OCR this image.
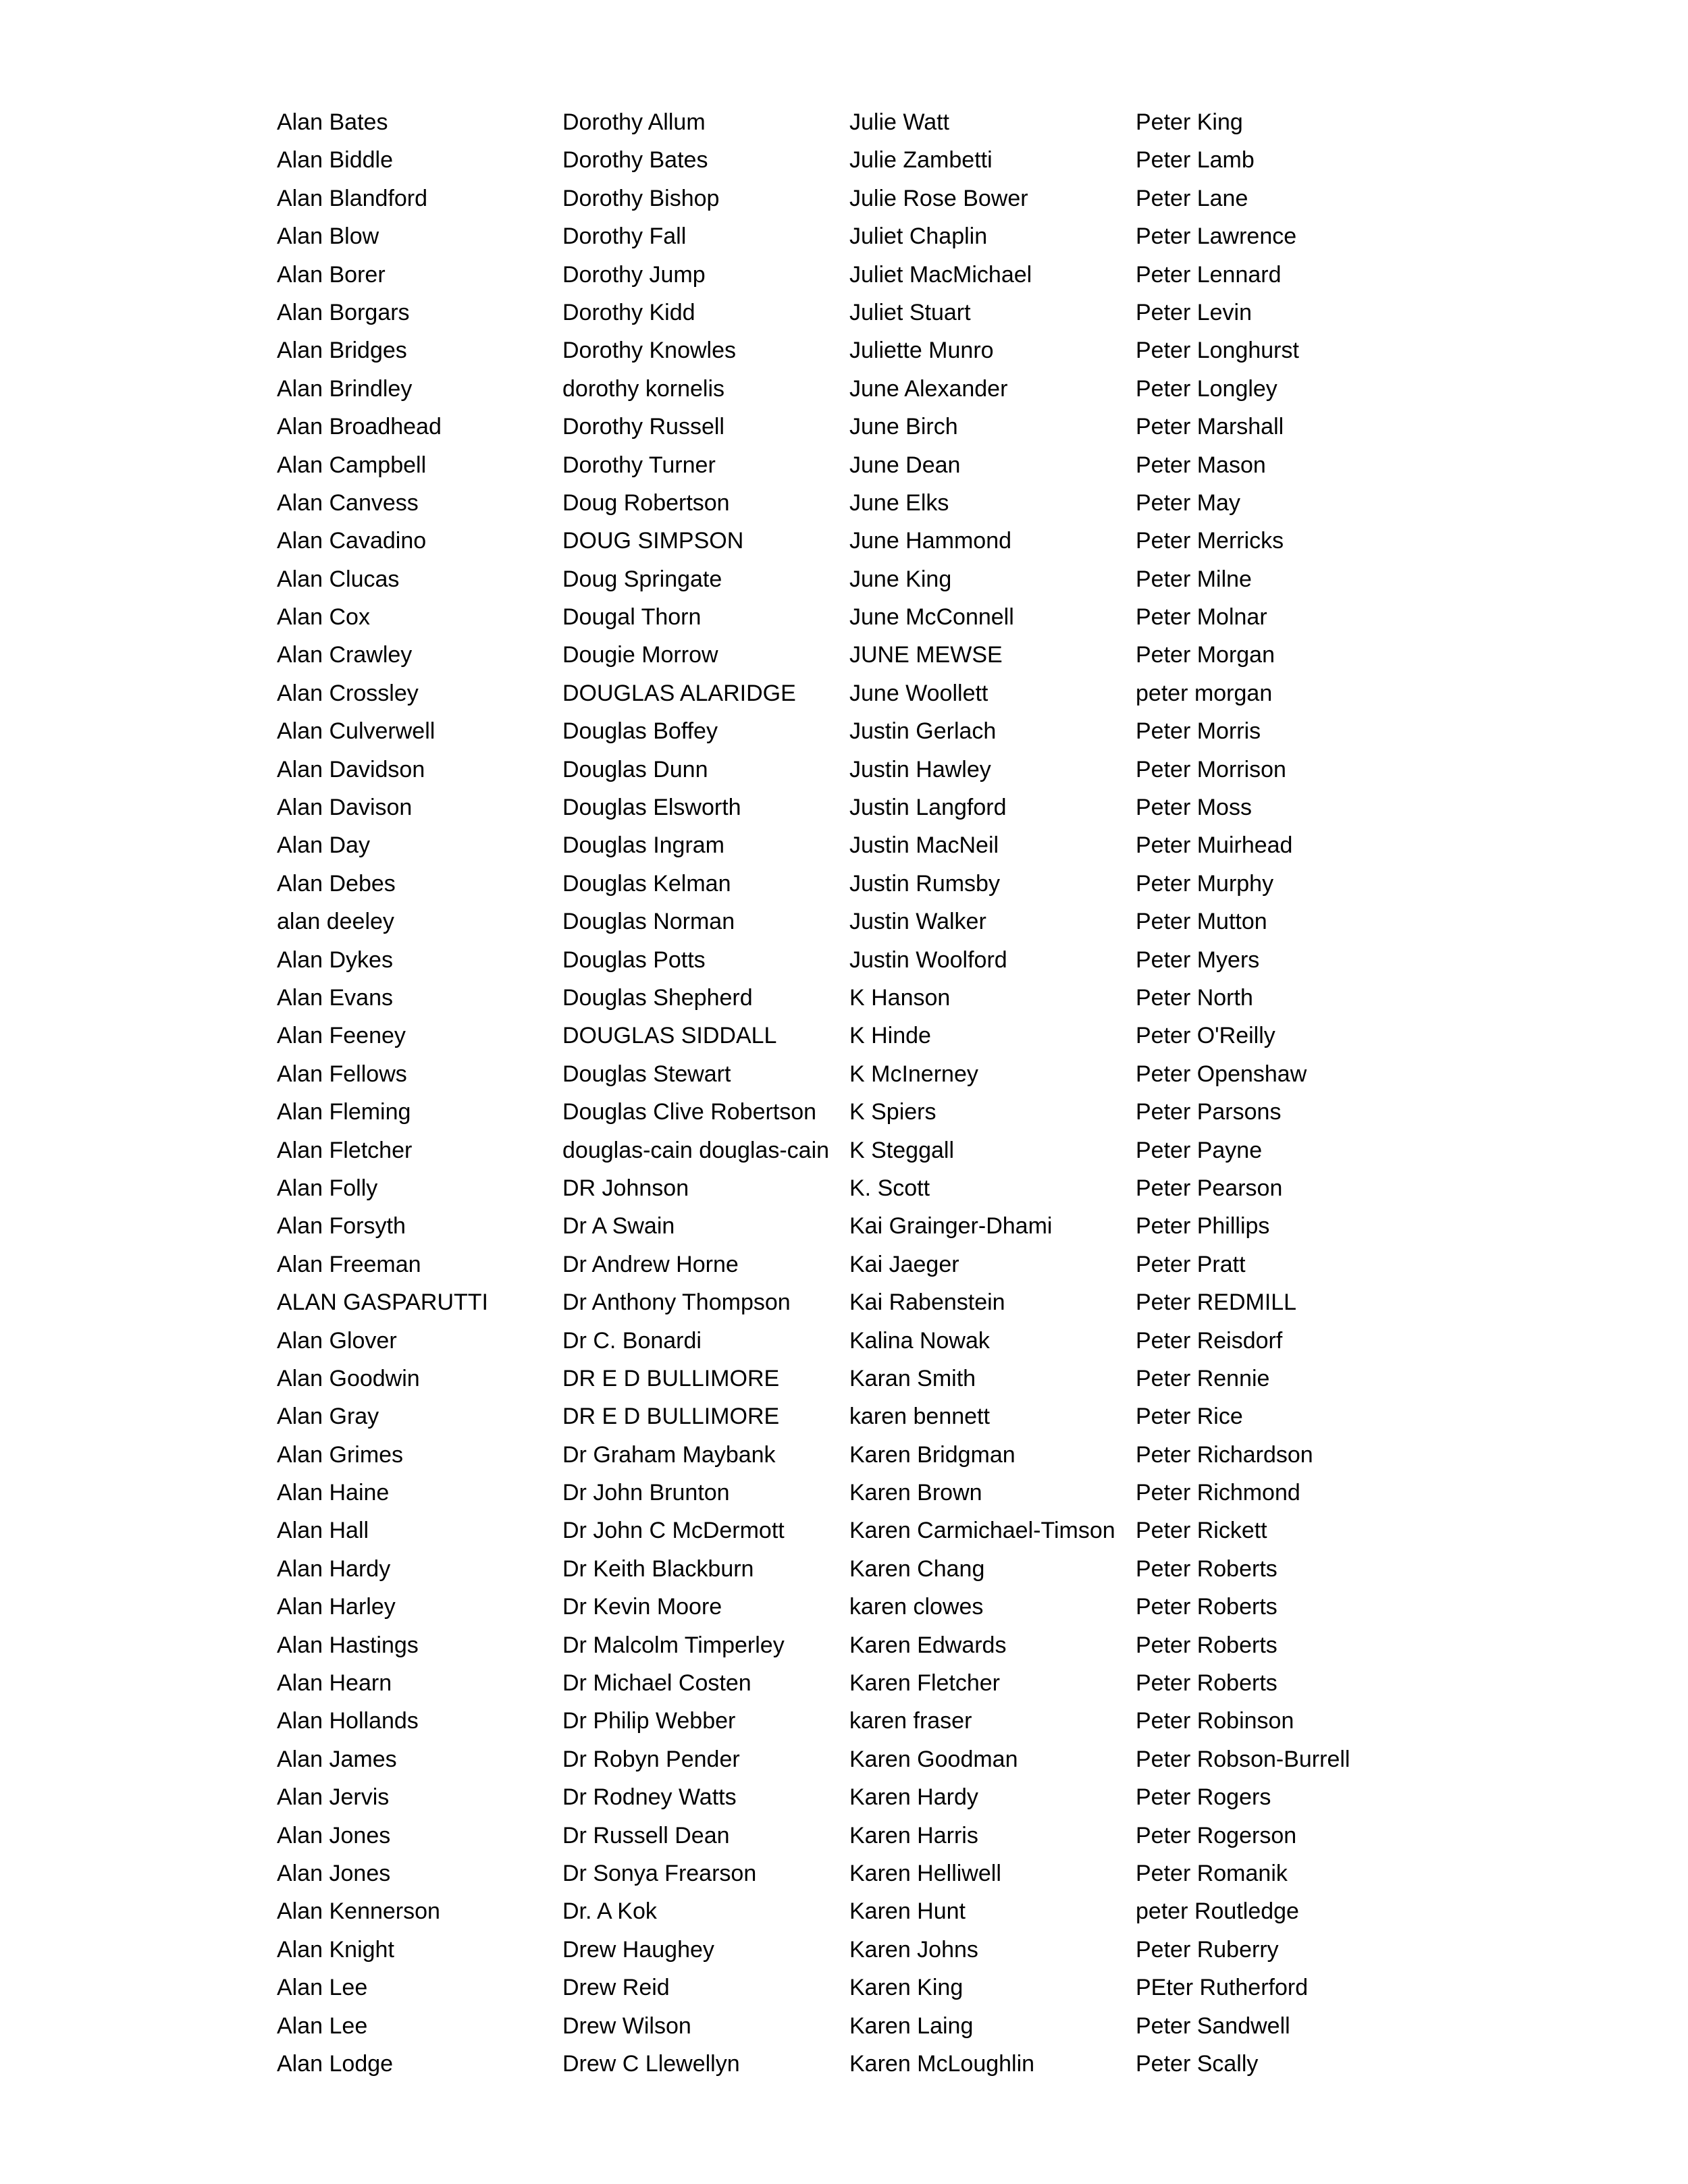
Alan Bates
Alan Biddle
Alan Blandford
Alan Blow
Alan Borer
Alan Borgars
Alan Bridges
Alan Brindley
Alan Broadhead
Alan Campbell
Alan Canvess
Alan Cavadino
Alan Clucas
Alan Cox
Alan Crawley
Alan Crossley
Alan Culverwell
Alan Davidson
Alan Davison
Alan Day
Alan Debes
alan deeley
Alan Dykes
Alan Evans
Alan Feeney
Alan Fellows
Alan Fleming
Alan Fletcher
Alan Folly
Alan Forsyth
Alan Freeman
ALAN GASPARUTTI
Alan Glover
Alan Goodwin
Alan Gray
Alan Grimes
Alan Haine
Alan Hall
Alan Hardy
Alan Harley
Alan Hastings
Alan Hearn
Alan Hollands
Alan James
Alan Jervis
Alan Jones
Alan Jones
Alan Kennerson
Alan Knight
Alan Lee
Alan Lee
Alan Lodge
Dorothy Allum
Dorothy Bates
Dorothy Bishop
Dorothy Fall
Dorothy Jump
Dorothy Kidd
Dorothy Knowles
dorothy kornelis
Dorothy Russell
Dorothy Turner
Doug Robertson
DOUG SIMPSON
Doug Springate
Dougal Thorn
Dougie Morrow
DOUGLAS ALARIDGE
Douglas Boffey
Douglas Dunn
Douglas Elsworth
Douglas Ingram
Douglas Kelman
Douglas Norman
Douglas Potts
Douglas Shepherd
DOUGLAS SIDDALL
Douglas Stewart
Douglas Clive Robertson
douglas-cain douglas-cain
DR Johnson
Dr A Swain
Dr Andrew Horne
Dr Anthony Thompson
Dr C. Bonardi
DR E D BULLIMORE
DR E D BULLIMORE
Dr Graham Maybank
Dr John Brunton
Dr John C McDermott
Dr Keith Blackburn
Dr Kevin Moore
Dr Malcolm Timperley
Dr Michael Costen
Dr Philip Webber
Dr Robyn Pender
Dr Rodney Watts
Dr Russell Dean
Dr Sonya Frearson
Dr. A Kok
Drew Haughey
Drew Reid
Drew Wilson
Drew C Llewellyn
Julie Watt
Julie Zambetti
Julie Rose Bower
Juliet Chaplin
Juliet MacMichael
Juliet Stuart
Juliette Munro
June Alexander
June Birch
June Dean
June Elks
June Hammond
June King
June McConnell
JUNE MEWSE
June Woollett
Justin Gerlach
Justin Hawley
Justin Langford
Justin MacNeil
Justin Rumsby
Justin Walker
Justin Woolford
K Hanson
K Hinde
K McInerney
K Spiers
K Steggall
K. Scott
Kai Grainger-Dhami
Kai Jaeger
Kai Rabenstein
Kalina Nowak
Karan Smith
karen bennett
Karen Bridgman
Karen Brown
Karen Carmichael-Timson
Karen Chang
karen clowes
Karen Edwards
Karen Fletcher
karen fraser
Karen Goodman
Karen Hardy
Karen Harris
Karen Helliwell
Karen Hunt
Karen Johns
Karen King
Karen Laing
Karen McLoughlin
Peter King
Peter Lamb
Peter Lane
Peter Lawrence
Peter Lennard
Peter Levin
Peter Longhurst
Peter Longley
Peter Marshall
Peter Mason
Peter May
Peter Merricks
Peter Milne
Peter Molnar
Peter Morgan
peter morgan
Peter Morris
Peter Morrison
Peter Moss
Peter Muirhead
Peter Murphy
Peter Mutton
Peter Myers
Peter North
Peter O'Reilly
Peter Openshaw
Peter Parsons
Peter Payne
Peter Pearson
Peter Phillips
Peter Pratt
Peter REDMILL
Peter Reisdorf
Peter Rennie
Peter Rice
Peter Richardson
Peter Richmond
Peter Rickett
Peter Roberts
Peter Roberts
Peter Roberts
Peter Roberts
Peter Robinson
Peter Robson-Burrell
Peter Rogers
Peter Rogerson
Peter Romanik
peter Routledge
Peter Ruberry
PEter Rutherford
Peter Sandwell
Peter Scally
